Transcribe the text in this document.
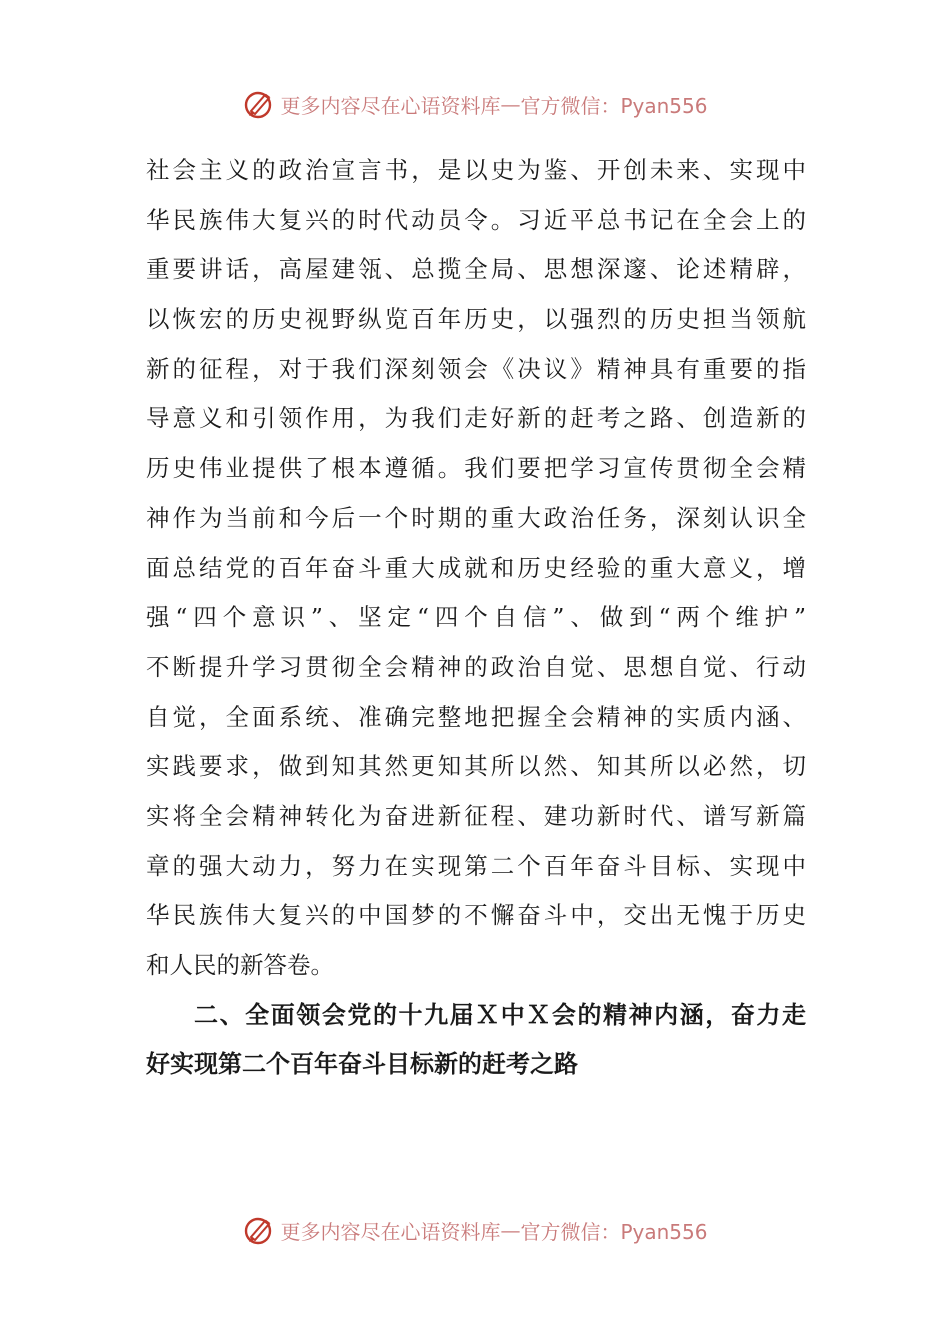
更多内容尽在心语资料库 — 官方微信：Pyan556
社会主义的政治宣言书，是以史为鉴、开创未来、实现中
华民族伟大复兴的时代动员令。习近平总书记在全会上的
重要讲话，高屋建瓴、总揽全局、思想深邃、论述精辟，
以恢宏的历史视野纵览百年历史，以强烈的历史担当领航
新的征程，对于我们深刻领会《决议》精神具有重要的指
导意义和引领作用，为我们走好新的赶考之路、创造新的
历史伟业提供了根本遵循。我们要把学习宣传贯彻全会精
神作为当前和今后一个时期的重大政治任务，深刻认识全
面总结党的百年奋斗重大成就和历史经验的重大意义，增
强“四个意识”、坚定“四个自信”、做到“两个维护”
不断提升学习贯彻全会精神的政治自觉、思想自觉、行动
自觉，全面系统、准确完整地把握全会精神的实质内涵、
实践要求，做到知其然更知其所以然、知其所以必然，切
实将全会精神转化为奋进新征程、建功新时代、谱写新篇
章的强大动力，努力在实现第二个百年奋斗目标、实现中
华民族伟大复兴的中国梦的不懈奋斗中，交出无愧于历史
和人民的新答卷。
二、全面领会党的十九届Ｘ中Ｘ会的精神内涵，奋力走
好实现第二个百年奋斗目标新的赶考之路
更多内容尽在心语资料库 — 官方微信：Pyan556
